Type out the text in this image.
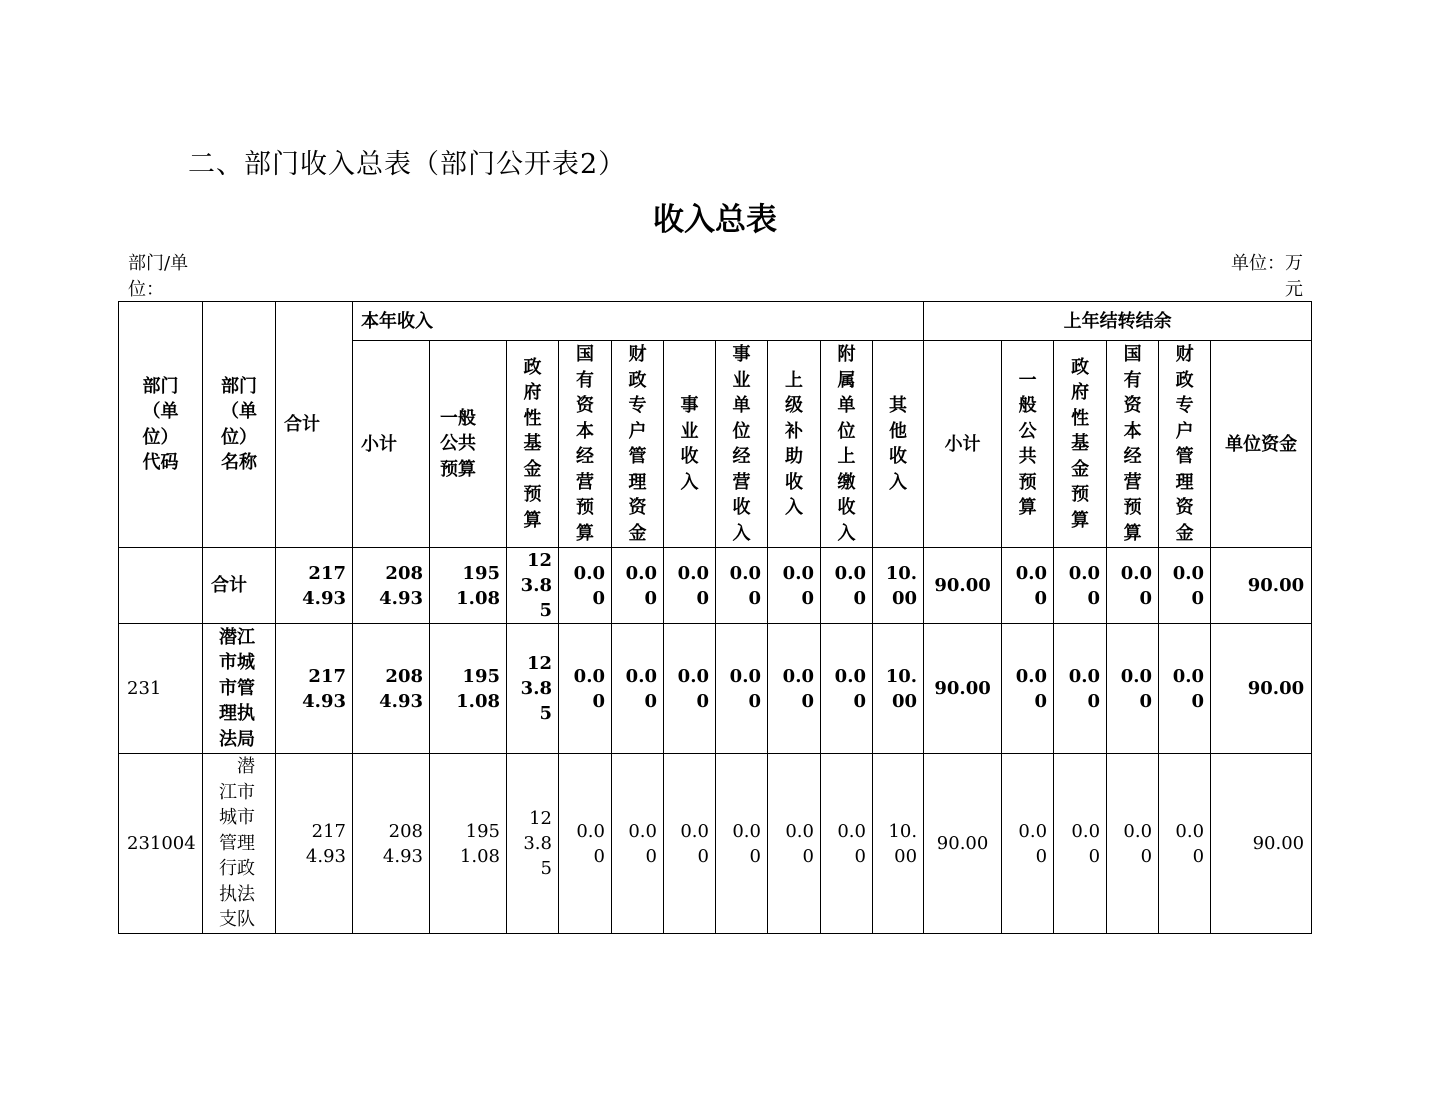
二、部门收入总表（部门公开表2）
收入总表
部门/单位：
单位：万元
部门（单位）代码	部门（单位）名称	合计	本年收入										上年结转结余					
			小计	一般公共预算	政府性基金预算	国有资本经营预算	财政专户管理资金	事业收入	事业单位经营收入	上级补助收入	附属单位上缴收入	其他收入	小计	一般公共预算	政府性基金预算	国有资本经营预算	财政专户管理资金	单位资金
	合计	2174.93	2084.93	1951.08	123.85	0.00	0.00	0.00	0.00	0.00	0.00	10.00	90.00	0.00	0.00	0.00	0.00	90.00
231	潜江市城市管理执法局	2174.93	2084.93	1951.08	123.85	0.00	0.00	0.00	0.00	0.00	0.00	10.00	90.00	0.00	0.00	0.00	0.00	90.00
231004	潜江市城市管理行政执法支队	2174.93	2084.93	1951.08	123.85	0.00	0.00	0.00	0.00	0.00	0.00	10.00	90.00	0.00	0.00	0.00	0.00	90.00
